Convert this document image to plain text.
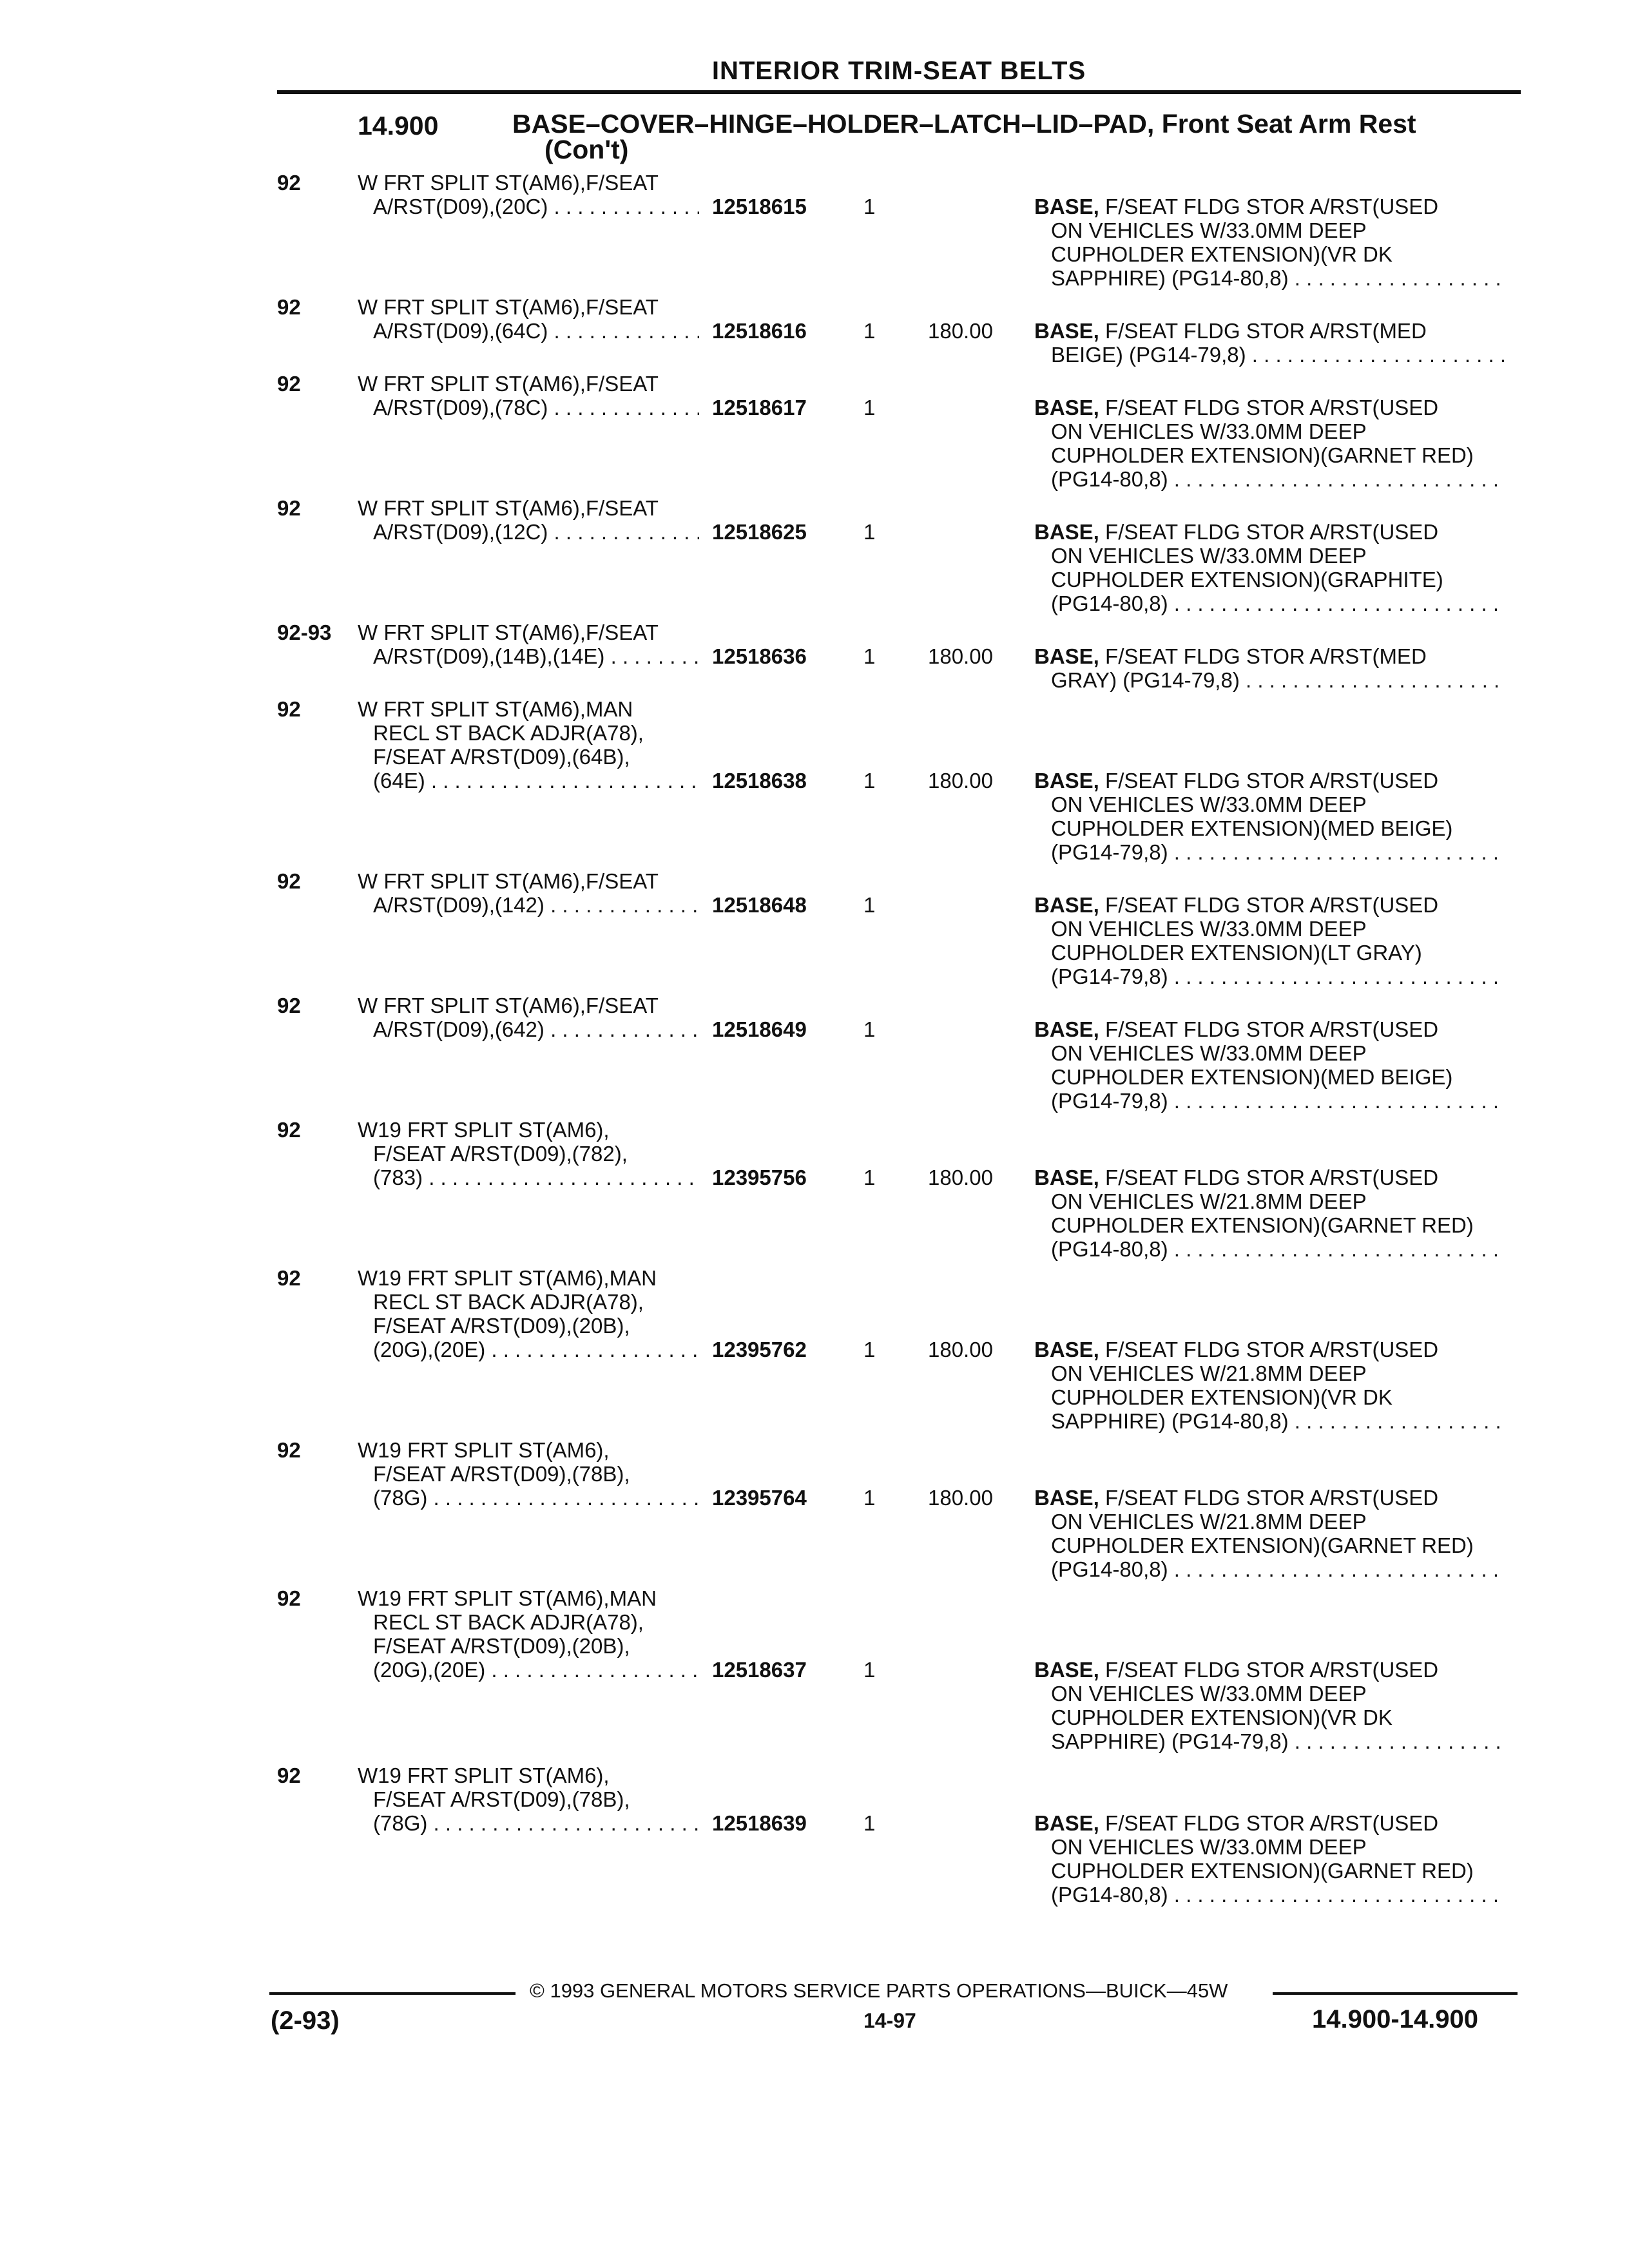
INTERIOR TRIM-SEAT BELTS
14.900	BASE–COVER–HINGE–HOLDER–LATCH–LID–PAD, Front Seat Arm Rest
(Con't)
92	W FRT SPLIT ST(AM6),F/SEAT
A/RST(D09),(20C) . . .	12518615	1	BASE, F/SEAT FLDG STOR A/RST(USED
ON VEHICLES W/33.0MM DEEP
CUPHOLDER EXTENSION)(VR DK
SAPPHIRE) (PG14-80,8) . . .
92	W FRT SPLIT ST(AM6),F/SEAT
A/RST(D09),(64C) . . .	12518616	1 180.00 BASE, F/SEAT FLDG STOR A/RST(MED
BEIGE) (PG14-79,8) . . .
92	W FRT SPLIT ST(AM6),F/SEAT
A/RST(D09),(78C) . . .	12518617	1	BASE, F/SEAT FLDG STOR A/RST(USED
ON VEHICLES W/33.0MM DEEP
CUPHOLDER EXTENSION)(GARNET RED)
(PG14-80,8) . . .
92	W FRT SPLIT ST(AM6),F/SEAT
A/RST(D09),(12C) . . .	12518625	1	BASE, F/SEAT FLDG STOR A/RST(USED
ON VEHICLES W/33.0MM DEEP
CUPHOLDER EXTENSION)(GRAPHITE)
(PG14-80,8) . . .
92-93 W FRT SPLIT ST(AM6),F/SEAT
A/RST(D09),(14B),(14E) . . .	12518636	1 180.00 BASE, F/SEAT FLDG STOR A/RST(MED
GRAY) (PG14-79,8) . . .
92	W FRT SPLIT ST(AM6),MAN
RECL ST BACK ADJR(A78),
F/SEAT A/RST(D09),(64B),
(64E) . . .	12518638	1 180.00 BASE, F/SEAT FLDG STOR A/RST(USED
ON VEHICLES W/33.0MM DEEP
CUPHOLDER EXTENSION)(MED BEIGE)
(PG14-79,8) . . .
92	W FRT SPLIT ST(AM6),F/SEAT
A/RST(D09),(142) . . .	12518648	1	BASE, F/SEAT FLDG STOR A/RST(USED
ON VEHICLES W/33.0MM DEEP
CUPHOLDER EXTENSION)(LT GRAY)
(PG14-79,8) . . .
92	W FRT SPLIT ST(AM6),F/SEAT
A/RST(D09),(642) . . .	12518649	1	BASE, F/SEAT FLDG STOR A/RST(USED
ON VEHICLES W/33.0MM DEEP
CUPHOLDER EXTENSION)(MED BEIGE)
(PG14-79,8) . . .
92	W19 FRT SPLIT ST(AM6),
F/SEAT A/RST(D09),(782),
(783) . . .	12395756	1 180.00 BASE, F/SEAT FLDG STOR A/RST(USED
ON VEHICLES W/21.8MM DEEP
CUPHOLDER EXTENSION)(GARNET RED)
(PG14-80,8) . . .
92	W19 FRT SPLIT ST(AM6),MAN
RECL ST BACK ADJR(A78),
F/SEAT A/RST(D09),(20B),
(20G),(20E) . . .	12395762	1 180.00 BASE, F/SEAT FLDG STOR A/RST(USED
ON VEHICLES W/21.8MM DEEP
CUPHOLDER EXTENSION)(VR DK
SAPPHIRE) (PG14-80,8) . . .
92	W19 FRT SPLIT ST(AM6),
F/SEAT A/RST(D09),(78B),
(78G) . . .	12395764	1 180.00 BASE, F/SEAT FLDG STOR A/RST(USED
ON VEHICLES W/21.8MM DEEP
CUPHOLDER EXTENSION)(GARNET RED)
(PG14-80,8) . . .
92	W19 FRT SPLIT ST(AM6),MAN
RECL ST BACK ADJR(A78),
F/SEAT A/RST(D09),(20B),
(20G),(20E) . . .	12518637	1	BASE, F/SEAT FLDG STOR A/RST(USED
ON VEHICLES W/33.0MM DEEP
CUPHOLDER EXTENSION)(VR DK
SAPPHIRE) (PG14-79,8) . . .
92	W19 FRT SPLIT ST(AM6),
F/SEAT A/RST(D09),(78B),
(78G) . . .	12518639	1	BASE, F/SEAT FLDG STOR A/RST(USED
ON VEHICLES W/33.0MM DEEP
CUPHOLDER EXTENSION)(GARNET RED)
(PG14-80,8) . . .
© 1993 GENERAL MOTORS SERVICE PARTS OPERATIONS—BUICK—45W
(2-93)	14-97	14.900-14.900
